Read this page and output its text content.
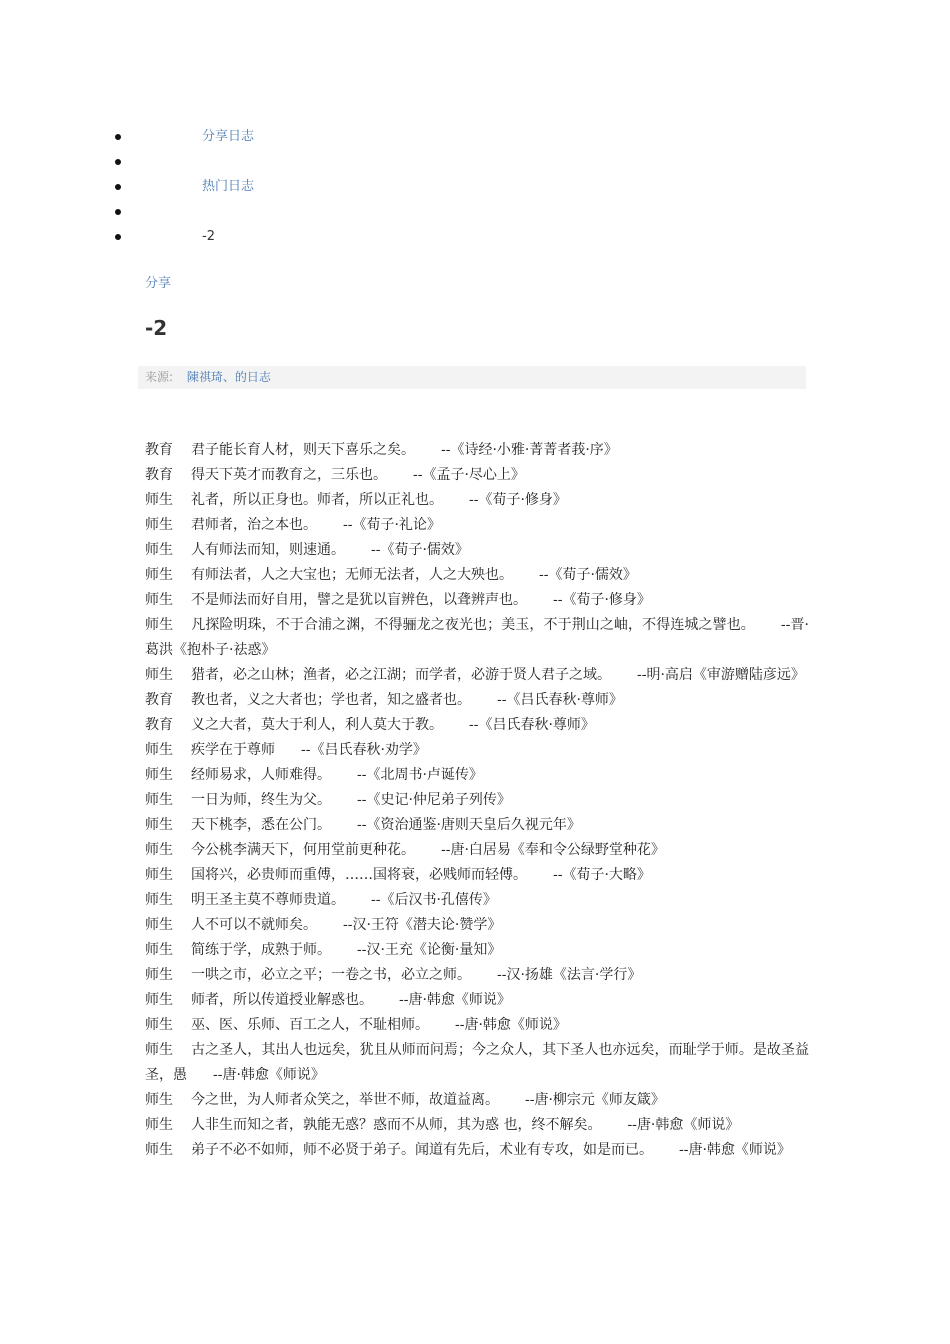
分享日志
热门日志
-2
分享
-2
来源: 陳祺琦、的日志

教育 君子能长育人材，则天下喜乐之矣。 --《诗经·小雅·菁菁者莪·序》

教育 得天下英才而教育之，三乐也。 --《孟子·尽心上》

师生 礼者，所以正身也。师者，所以正礼也。 --《荀子·修身》

师生 君师者，治之本也。 --《荀子·礼论》

师生 人有师法而知，则速通。 --《荀子·儒效》

师生 有师法者，人之大宝也；无师无法者，人之大殃也。 --《荀子·儒效》

师生 不是师法而好自用，譬之是犹以盲辨色，以聋辨声也。 --《荀子·修身》

师生 凡探险明珠，不于合浦之渊，不得骊龙之夜光也；美玉，不于荆山之岫，不得连城之譬也。 --晋·葛洪《抱朴子·祛惑》

师生 猎者，必之山林；渔者，必之江湖；而学者，必游于贤人君子之域。 --明·高启《审游赠陆彦远》

教育 教也者，义之大者也；学也者，知之盛者也。 --《吕氏春秋·尊师》

教育 义之大者，莫大于利人，利人莫大于教。 --《吕氏春秋·尊师》

师生 疾学在于尊师 --《吕氏春秋·劝学》

师生 经师易求，人师难得。 --《北周书·卢诞传》

师生 一日为师，终生为父。 --《史记·仲尼弟子列传》

师生 天下桃李，悉在公门。 --《资治通鉴·唐则天皇后久视元年》

师生 今公桃李满天下，何用堂前更种花。 --唐·白居易《奉和令公绿野堂种花》

师生 国将兴，必贵师而重傅，……国将衰，必贱师而轻傅。 --《荀子·大略》

师生 明王圣主莫不尊师贵道。 --《后汉书·孔僖传》

师生 人不可以不就师矣。 --汉·王符《潜夫论·赞学》

师生 简练于学，成熟于师。 --汉·王充《论衡·量知》

师生 一哄之市，必立之平；一卷之书，必立之师。 --汉·扬雄《法言·学行》

师生 师者，所以传道授业解惑也。 --唐·韩愈《师说》

师生 巫、医、乐师、百工之人，不耻相师。 --唐·韩愈《师说》

师生 古之圣人，其出人也远矣，犹且从师而问焉；今之众人，其下圣人也亦远矣，而耻学于师。是故圣益圣，愚 --唐·韩愈《师说》

师生 今之世，为人师者众笑之，举世不师，故道益离。 --唐·柳宗元《师友箴》

师生 人非生而知之者，孰能无惑？惑而不从师，其为惑 也，终不解矣。 --唐·韩愈《师说》

师生 弟子不必不如师，师不必贤于弟子。闻道有先后，术业有专攻，如是而已。 --唐·韩愈《师说》
